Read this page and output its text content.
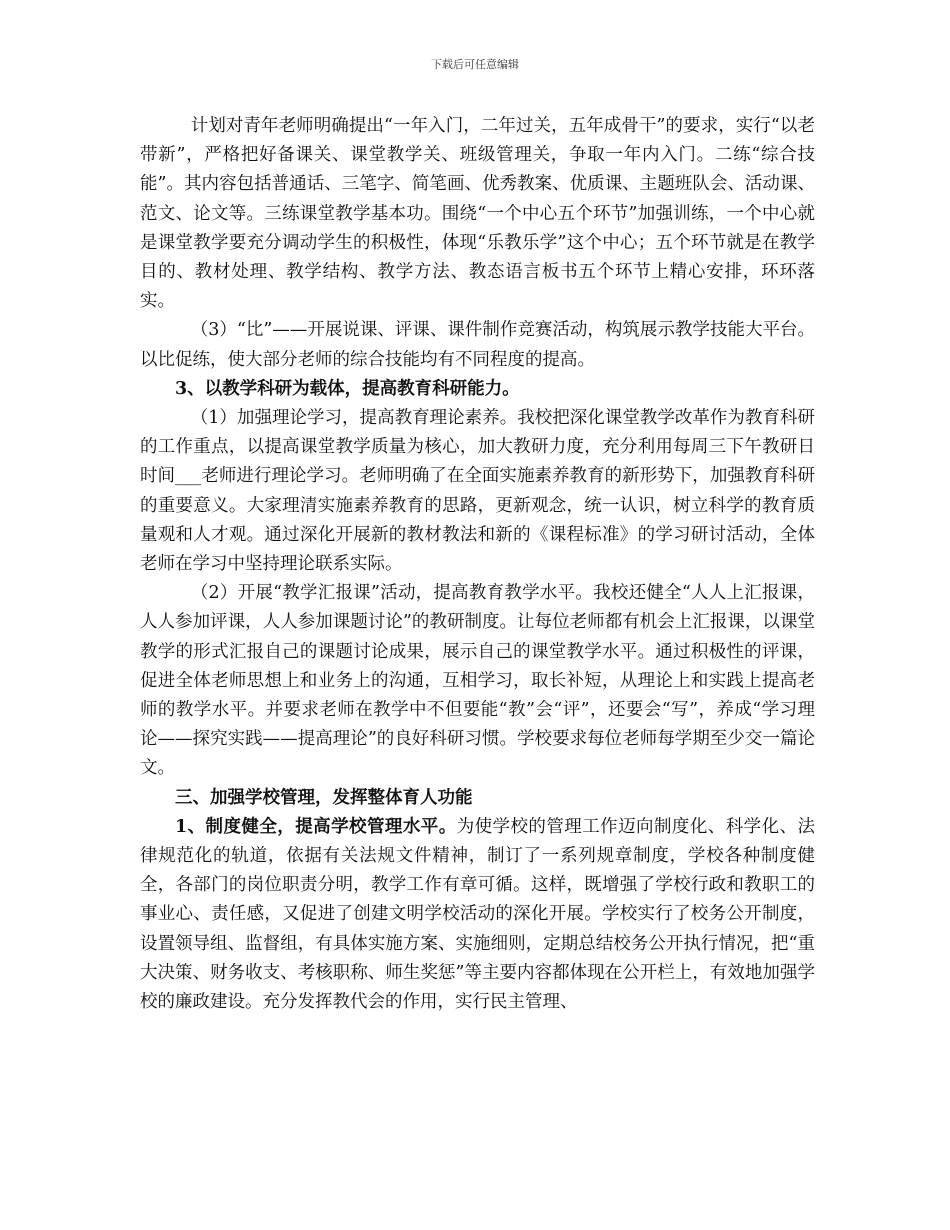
下载后可任意编辑

计划对青年老师明确提出“一年入门，二年过关，五年成骨干”的要求，实行“以老带新”，严格把好备课关、课堂教学关、班级管理关，争取一年内入门。二练“综合技能”。其内容包括普通话、三笔字、简笔画、优秀教案、优质课、主题班队会、活动课、范文、论文等。三练课堂教学基本功。围绕“一个中心五个环节”加强训练，一个中心就是课堂教学要充分调动学生的积极性，体现“乐教乐学”这个中心；五个环节就是在教学目的、教材处理、教学结构、教学方法、教态语言板书五个环节上精心安排，环环落实。

（3）“比”——开展说课、评课、课件制作竞赛活动，构筑展示教学技能大平台。以比促练，使大部分老师的综合技能均有不同程度的提高。

3、以教学科研为载体，提高教育科研能力。

（1）加强理论学习，提高教育理论素养。我校把深化课堂教学改革作为教育科研的工作重点，以提高课堂教学质量为核心，加大教研力度，充分利用每周三下午教研日时间___老师进行理论学习。老师明确了在全面实施素养教育的新形势下，加强教育科研的重要意义。大家理清实施素养教育的思路，更新观念，统一认识，树立科学的教育质量观和人才观。通过深化开展新的教材教法和新的《课程标准》的学习研讨活动，全体老师在学习中坚持理论联系实际。

（2）开展“教学汇报课”活动，提高教育教学水平。我校还健全“人人上汇报课，人人参加评课，人人参加课题讨论”的教研制度。让每位老师都有机会上汇报课，以课堂教学的形式汇报自己的课题讨论成果，展示自己的课堂教学水平。通过积极性的评课，促进全体老师思想上和业务上的沟通，互相学习，取长补短，从理论上和实践上提高老师的教学水平。并要求老师在教学中不但要能“教”会“评”，还要会“写”，养成“学习理论——探究实践——提高理论”的良好科研习惯。学校要求每位老师每学期至少交一篇论文。

三、加强学校管理，发挥整体育人功能

1、制度健全，提高学校管理水平。为使学校的管理工作迈向制度化、科学化、法律规范化的轨道，依据有关法规文件精神，制订了一系列规章制度，学校各种制度健全，各部门的岗位职责分明，教学工作有章可循。这样，既增强了学校行政和教职工的事业心、责任感，又促进了创建文明学校活动的深化开展。学校实行了校务公开制度，设置领导组、监督组，有具体实施方案、实施细则，定期总结校务公开执行情况，把“重大决策、财务收支、考核职称、师生奖惩”等主要内容都体现在公开栏上，有效地加强学校的廉政建设。充分发挥教代会的作用，实行民主管理、
